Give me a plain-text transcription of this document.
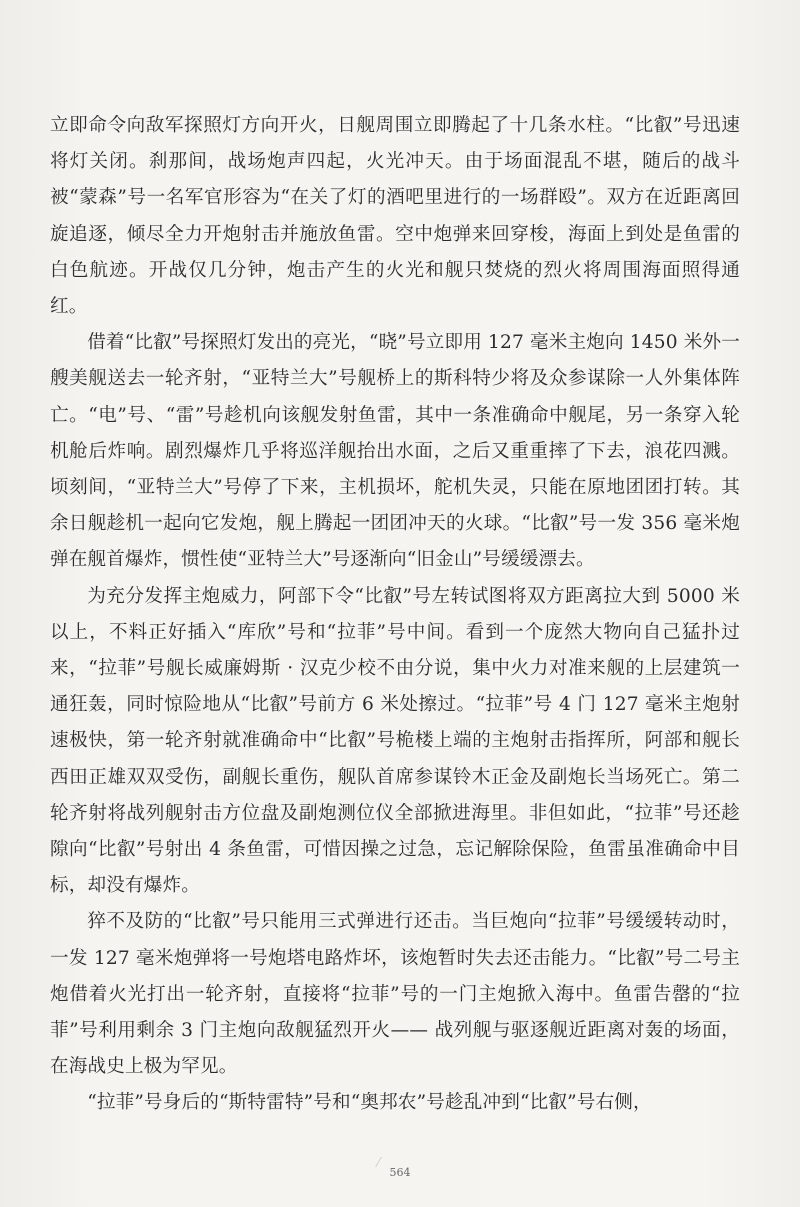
立即命令向敌军探照灯方向开火，日舰周围立即腾起了十几条水柱。“比叡”号迅速将灯关闭。刹那间，战场炮声四起，火光冲天。由于场面混乱不堪，随后的战斗被“蒙森”号一名军官形容为“在关了灯的酒吧里进行的一场群殴”。双方在近距离回旋追逐，倾尽全力开炮射击并施放鱼雷。空中炮弹来回穿梭，海面上到处是鱼雷的白色航迹。开战仅几分钟，炮击产生的火光和舰只焚烧的烈火将周围海面照得通红。

借着“比叡”号探照灯发出的亮光，“晓”号立即用 127 毫米主炮向 1450 米外一艘美舰送去一轮齐射，“亚特兰大”号舰桥上的斯科特少将及众参谋除一人外集体阵亡。“电”号、“雷”号趁机向该舰发射鱼雷，其中一条准确命中舰尾，另一条穿入轮机舱后炸响。剧烈爆炸几乎将巡洋舰抬出水面，之后又重重摔了下去，浪花四溅。顷刻间，“亚特兰大”号停了下来，主机损坏，舵机失灵，只能在原地团团打转。其余日舰趁机一起向它发炮，舰上腾起一团团冲天的火球。“比叡”号一发 356 毫米炮弹在舰首爆炸，惯性使“亚特兰大”号逐渐向“旧金山”号缓缓漂去。

为充分发挥主炮威力，阿部下令“比叡”号左转试图将双方距离拉大到 5000 米以上，不料正好插入“库欣”号和“拉菲”号中间。看到一个庞然大物向自己猛扑过来，“拉菲”号舰长威廉姆斯 · 汉克少校不由分说，集中火力对准来舰的上层建筑一通狂轰，同时惊险地从“比叡”号前方 6 米处擦过。“拉菲”号 4 门 127 毫米主炮射速极快，第一轮齐射就准确命中“比叡”号桅楼上端的主炮射击指挥所，阿部和舰长西田正雄双双受伤，副舰长重伤，舰队首席参谋铃木正金及副炮长当场死亡。第二轮齐射将战列舰射击方位盘及副炮测位仪全部掀进海里。非但如此，“拉菲”号还趁隙向“比叡”号射出 4 条鱼雷，可惜因操之过急，忘记解除保险，鱼雷虽准确命中目标，却没有爆炸。

猝不及防的“比叡”号只能用三式弹进行还击。当巨炮向“拉菲”号缓缓转动时，一发 127 毫米炮弹将一号炮塔电路炸坏，该炮暂时失去还击能力。“比叡”号二号主炮借着火光打出一轮齐射，直接将“拉菲”号的一门主炮掀入海中。鱼雷告罄的“拉菲”号利用剩余 3 门主炮向敌舰猛烈开火—— 战列舰与驱逐舰近距离对轰的场面，在海战史上极为罕见。

“拉菲”号身后的“斯特雷特”号和“奥邦农”号趁乱冲到“比叡”号右侧，

564
